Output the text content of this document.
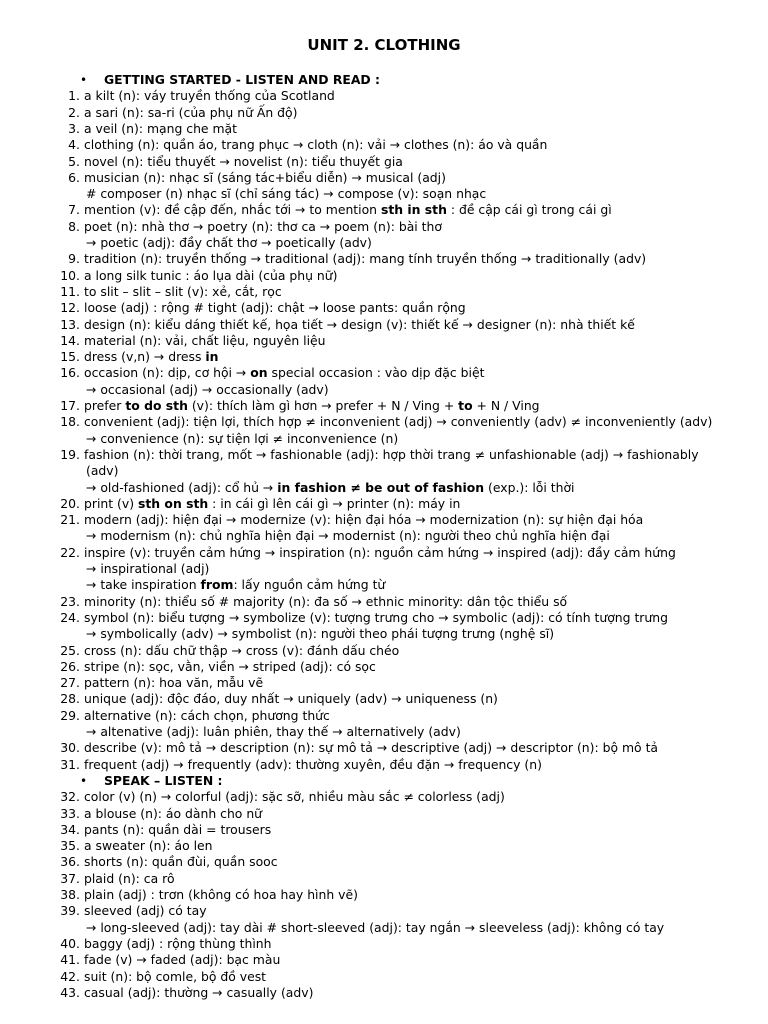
UNIT 2. CLOTHING
• GETTING STARTED - LISTEN AND READ :
1. a kilt (n): váy truyền thống của Scotland
2. a sari (n): sa-ri (của phụ nữ Ấn độ)
3. a veil (n): mạng che mặt
4. clothing (n): quần áo, trang phục → cloth (n): vải → clothes (n): áo và quần
5. novel (n): tiểu thuyết → novelist (n): tiểu thuyết gia
6. musician (n): nhạc sĩ (sáng tác+biểu diễn) → musical (adj)
# composer (n) nhạc sĩ (chỉ sáng tác) → compose (v): soạn nhạc
7. mention (v): đề cập đến, nhắc tới → to mention sth in sth : đề cập cái gì trong cái gì
8. poet (n): nhà thơ → poetry (n): thơ ca → poem (n): bài thơ
→ poetic (adj): đầy chất thơ → poetically (adv)
9. tradition (n): truyền thống → traditional (adj): mang tính truyền thống → traditionally (adv)
10. a long silk tunic : áo lụa dài (của phụ nữ)
11. to slit – slit – slit (v): xẻ, cắt, rọc
12. loose (adj) : rộng # tight (adj): chật → loose pants: quần rộng
13. design (n): kiểu dáng thiết kế, họa tiết → design (v): thiết kế → designer (n): nhà thiết kế
14. material (n): vải, chất liệu, nguyên liệu
15. dress (v,n) → dress in
16. occasion (n): dịp, cơ hội → on special occasion : vào dịp đặc biệt
→ occasional (adj) → occasionally (adv)
17. prefer to do sth (v): thích làm gì hơn → prefer + N / Ving + to + N / Ving
18. convenient (adj): tiện lợi, thích hợp ≠ inconvenient (adj) → conveniently (adv) ≠ inconveniently (adv)
→ convenience (n): sự tiện lợi ≠ inconvenience (n)
19. fashion (n): thời trang, mốt → fashionable (adj): hợp thời trang ≠ unfashionable (adj) → fashionably
(adv)
→ old-fashioned (adj): cổ hủ → in fashion ≠ be out of fashion (exp.): lỗi thời
20. print (v) sth on sth : in cái gì lên cái gì → printer (n): máy in
21. modern (adj): hiện đại → modernize (v): hiện đại hóa → modernization (n): sự hiện đại hóa
→ modernism (n): chủ nghĩa hiện đại → modernist (n): người theo chủ nghĩa hiện đại
22. inspire (v): truyền cảm hứng → inspiration (n): nguồn cảm hứng → inspired (adj): đầy cảm hứng
→ inspirational (adj)
→ take inspiration from: lấy nguồn cảm hứng từ
23. minority (n): thiểu số # majority (n): đa số → ethnic minority: dân tộc thiểu số
24. symbol (n): biểu tượng → symbolize (v): tượng trưng cho → symbolic (adj): có tính tượng trưng
→ symbolically (adv) → symbolist (n): người theo phái tượng trưng (nghệ sĩ)
25. cross (n): dấu chữ thập → cross (v): đánh dấu chéo
26. stripe (n): sọc, vằn, viền → striped (adj): có sọc
27. pattern (n): hoa văn, mẫu vẽ
28. unique (adj): độc đáo, duy nhất → uniquely (adv) → uniqueness (n)
29. alternative (n): cách chọn, phương thức
→ altenative (adj): luân phiên, thay thế → alternatively (adv)
30. describe (v): mô tả → description (n): sự mô tả → descriptive (adj) → descriptor (n): bộ mô tả
31. frequent (adj) → frequently (adv): thường xuyên, đều đặn → frequency (n)
• SPEAK – LISTEN :
32. color (v) (n) → colorful (adj): sặc sỡ, nhiều màu sắc ≠ colorless (adj)
33. a blouse (n): áo dành cho nữ
34. pants (n): quần dài = trousers
35. a sweater (n): áo len
36. shorts (n): quần đùi, quần sooc
37. plaid (n): ca rô
38. plain (adj) : trơn (không có hoa hay hình vẽ)
39. sleeved (adj) có tay
→ long-sleeved (adj): tay dài # short-sleeved (adj): tay ngắn → sleeveless (adj): không có tay
40. baggy (adj) : rộng thùng thình
41. fade (v) → faded (adj): bạc màu
42. suit (n): bộ comle, bộ đồ vest
43. casual (adj): thường → casually (adv)
